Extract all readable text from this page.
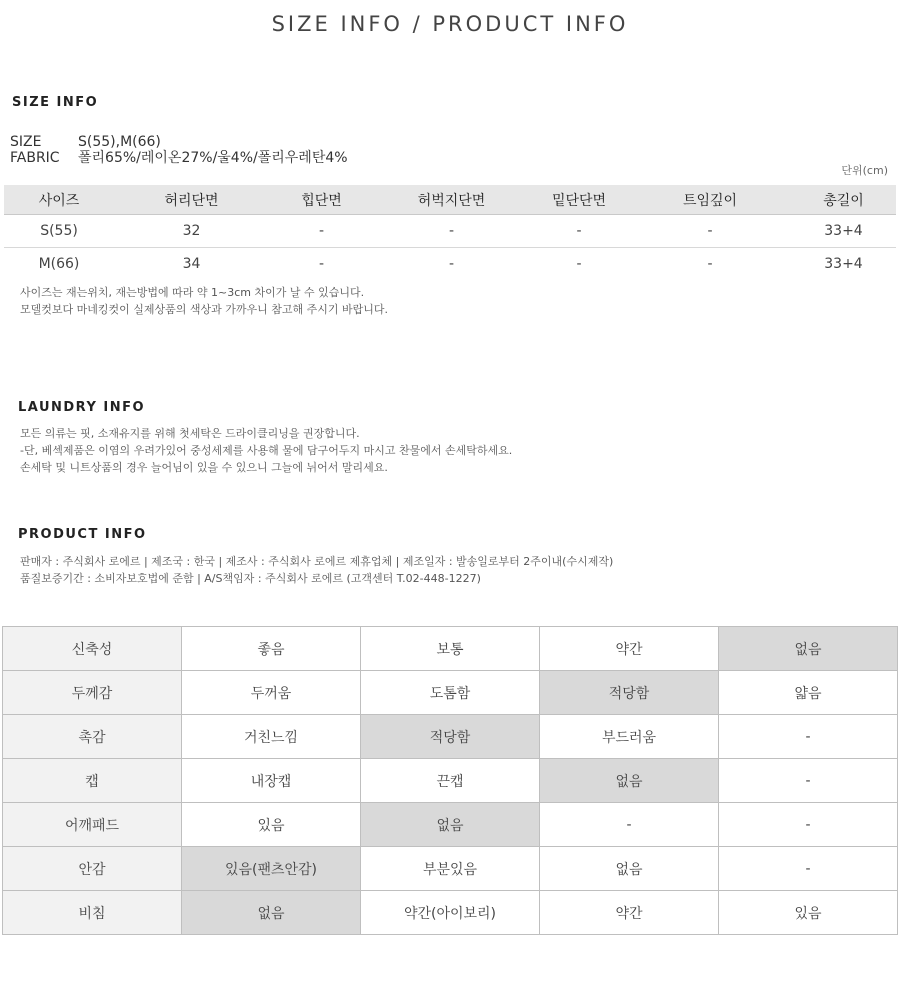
SIZE INFO / PRODUCT INFO
SIZE INFO
SIZE	S(55),M(66)
FABRIC 폴리65%/레이온27%/울4%/폴리우레탄4%
단위(cm)
사이즈	허리단면	힙단면	허벅지단면	밑단단면	트임깊이	총길이
S(55)	32	-	-	-	-	33+4
M(66)	34	-	-	-	-	33+4
사이즈는 재는위치, 재는방법에 따라 약 1~3cm 차이가 날 수 있습니다.
모델컷보다 마네킹컷이 실제상품의 색상과 가까우니 참고해 주시기 바랍니다.
LAUNDRY INFO
모든 의류는 핏, 소재유지를 위해 첫세탁은 드라이클리닝을 권장합니다.
-단, 베섹제품은 이염의 우려가있어 중성세제를 사용해 물에 담구어두지 마시고 찬물에서 손세탁하세요.
손세탁 및 니트상품의 경우 늘어님이 있을 수 있으니 그늘에 뉘어서 말리세요.
PRODUCT INFO
판매자 : 주식회사 로에르 | 제조국 : 한국 | 제조사 : 주식회사 로에르 제휴업체 | 제조일자 : 발송일로부터 2주이내(수시제작)
품질보증기간 : 소비자보호법에 준함 | A/S책임자 : 주식회사 로에르 (고객센터 T.02-448-1227)
신축성	좋음	보통	약간	없음
두께감	두꺼움	도톰함	적당함	얇음
촉감	거친느낌	적당함	부드러움	-
캡	내장캡	끈캡	없음	-
어깨패드	있음	없음	-	-
안감	있음(팬츠안감)	부분있음	없음	-
비침	없음	약간(아이보리)	약간	있음
